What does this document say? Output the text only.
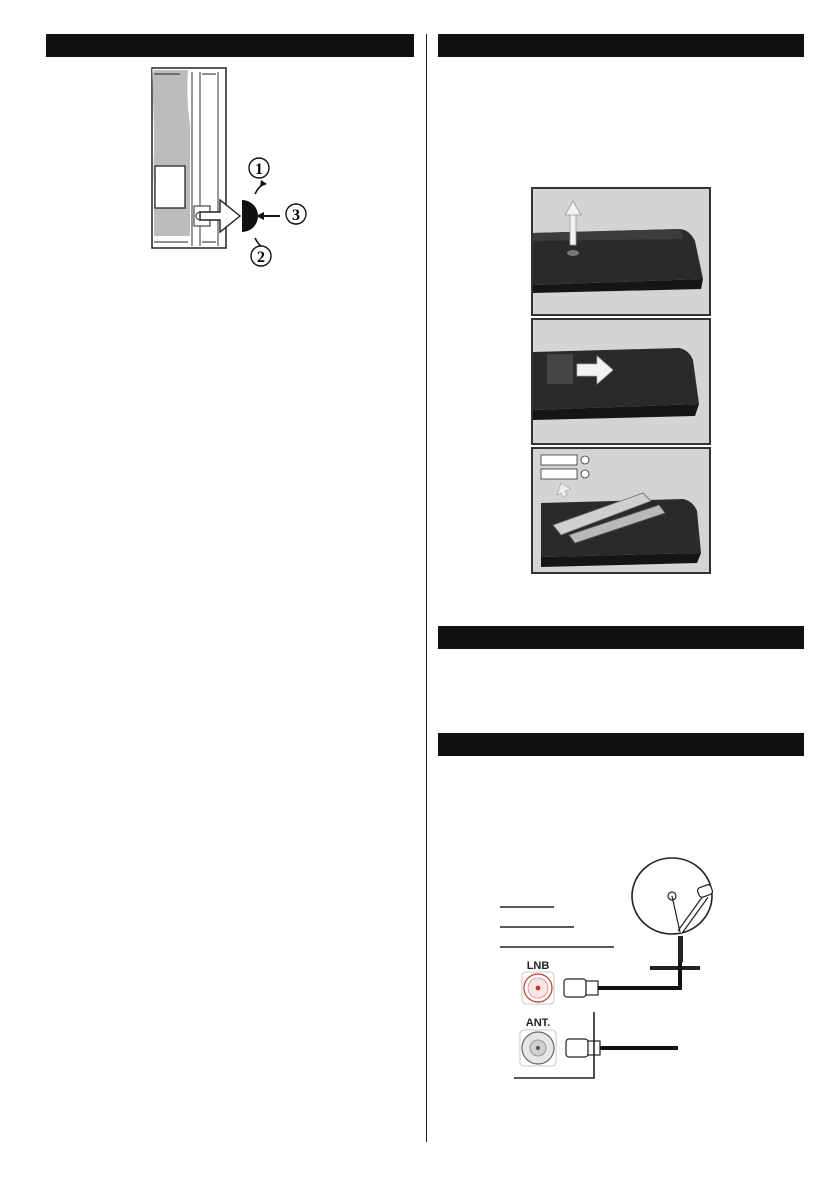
1
2
3
LNB
ANT.
